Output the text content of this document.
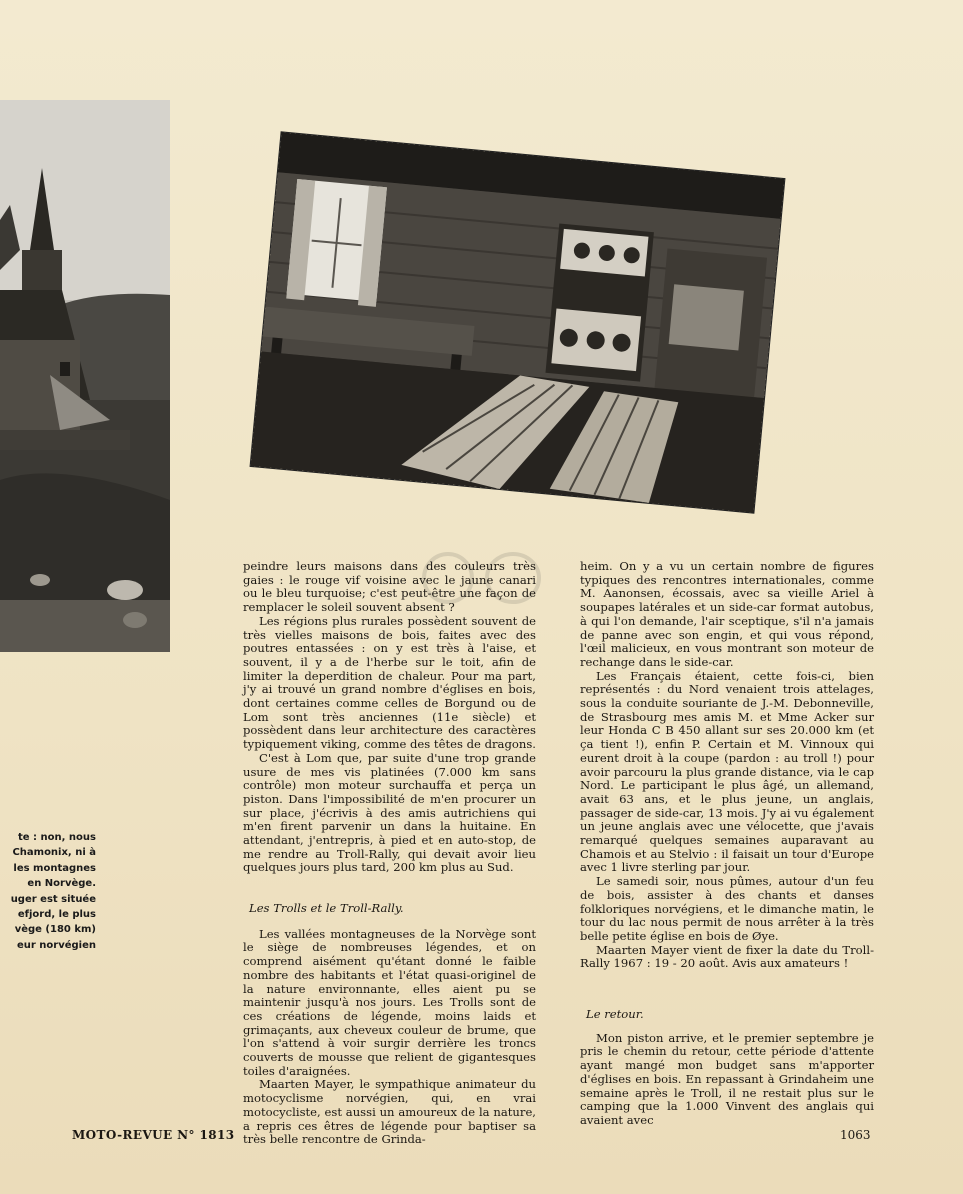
te : non, nous
Chamonix, ni à
les montagnes
en Norvège.
uger est située
efjord, le plus
vège (180 km)
eur norvégien

peindre leurs maisons dans des couleurs très gaies : le rouge vif voisine avec le jaune canari ou le bleu turquoise; c'est peut-être une façon de remplacer le soleil souvent absent ?

Les régions plus rurales possèdent souvent de très vielles maisons de bois, faites avec des poutres entassées : on y est très à l'aise, et souvent, il y a de l'herbe sur le toit, afin de limiter la deperdition de chaleur. Pour ma part, j'y ai trouvé un grand nombre d'églises en bois, dont certaines comme celles de Borgund ou de Lom sont très anciennes (11e siècle) et possèdent dans leur architecture des caractères typiquement viking, comme des têtes de dragons.

C'est à Lom que, par suite d'une trop grande usure de mes vis platinées (7.000 km sans contrôle) mon moteur surchauffa et perça un piston. Dans l'impossibilité de m'en procurer un sur place, j'écrivis à des amis autrichiens qui m'en firent parvenir un dans la huitaine. En attendant, j'entrepris, à pied et en auto-stop, de me rendre au Troll-Rally, qui devait avoir lieu quelques jours plus tard, 200 km plus au Sud.

Les Trolls et le Troll-Rally.

Les vallées montagneuses de la Norvège sont le siège de nombreuses légendes, et on comprend aisément qu'étant donné le faible nombre des habitants et l'état quasi-originel de la nature environnante, elles aient pu se maintenir jusqu'à nos jours. Les Trolls sont de ces créations de légende, moins laids et grimaçants, aux cheveux couleur de brume, que l'on s'attend à voir surgir derrière les troncs couverts de mousse que relient de gigantesques toiles d'araignées.

Maarten Mayer, le sympathique animateur du motocyclisme norvégien, qui, en vrai motocycliste, est aussi un amoureux de la nature, a repris ces êtres de légende pour baptiser sa très belle rencontre de Grinda-

heim. On y a vu un certain nombre de figures typiques des rencontres internationales, comme M. Aanonsen, écossais, avec sa vieille Ariel à soupapes latérales et un side-car format autobus, à qui l'on demande, l'air sceptique, s'il n'a jamais de panne avec son engin, et qui vous répond, l'œil malicieux, en vous montrant son moteur de rechange dans le side-car.

Les Français étaient, cette fois-ci, bien représentés : du Nord venaient trois attelages, sous la conduite souriante de J.-M. Debonneville, de Strasbourg mes amis M. et Mme Acker sur leur Honda C B 450 allant sur ses 20.000 km (et ça tient !), enfin P. Certain et M. Vinnoux qui eurent droit à la coupe (pardon : au troll !) pour avoir parcouru la plus grande distance, via le cap Nord. Le participant le plus âgé, un allemand, avait 63 ans, et le plus jeune, un anglais, passager de side-car, 13 mois. J'y ai vu également un jeune anglais avec une vélocette, que j'avais remarqué quelques semaines auparavant au Chamois et au Stelvio : il faisait un tour d'Europe avec 1 livre sterling par jour.

Le samedi soir, nous pûmes, autour d'un feu de bois, assister à des chants et danses folkloriques norvégiens, et le dimanche matin, le tour du lac nous permit de nous arrêter à la très belle petite église en bois de Øye.

Maarten Mayer vient de fixer la date du Troll-Rally 1967 : 19 - 20 août. Avis aux amateurs !

Le retour.

Mon piston arrive, et le premier septembre je pris le chemin du retour, cette période d'attente ayant mangé mon budget sans m'apporter d'églises en bois. En repassant à Grindaheim une semaine après le Troll, il ne restait plus sur le camping que la 1.000 Vinvent des anglais qui avaient avec

MOTO-REVUE N° 1813	1063
